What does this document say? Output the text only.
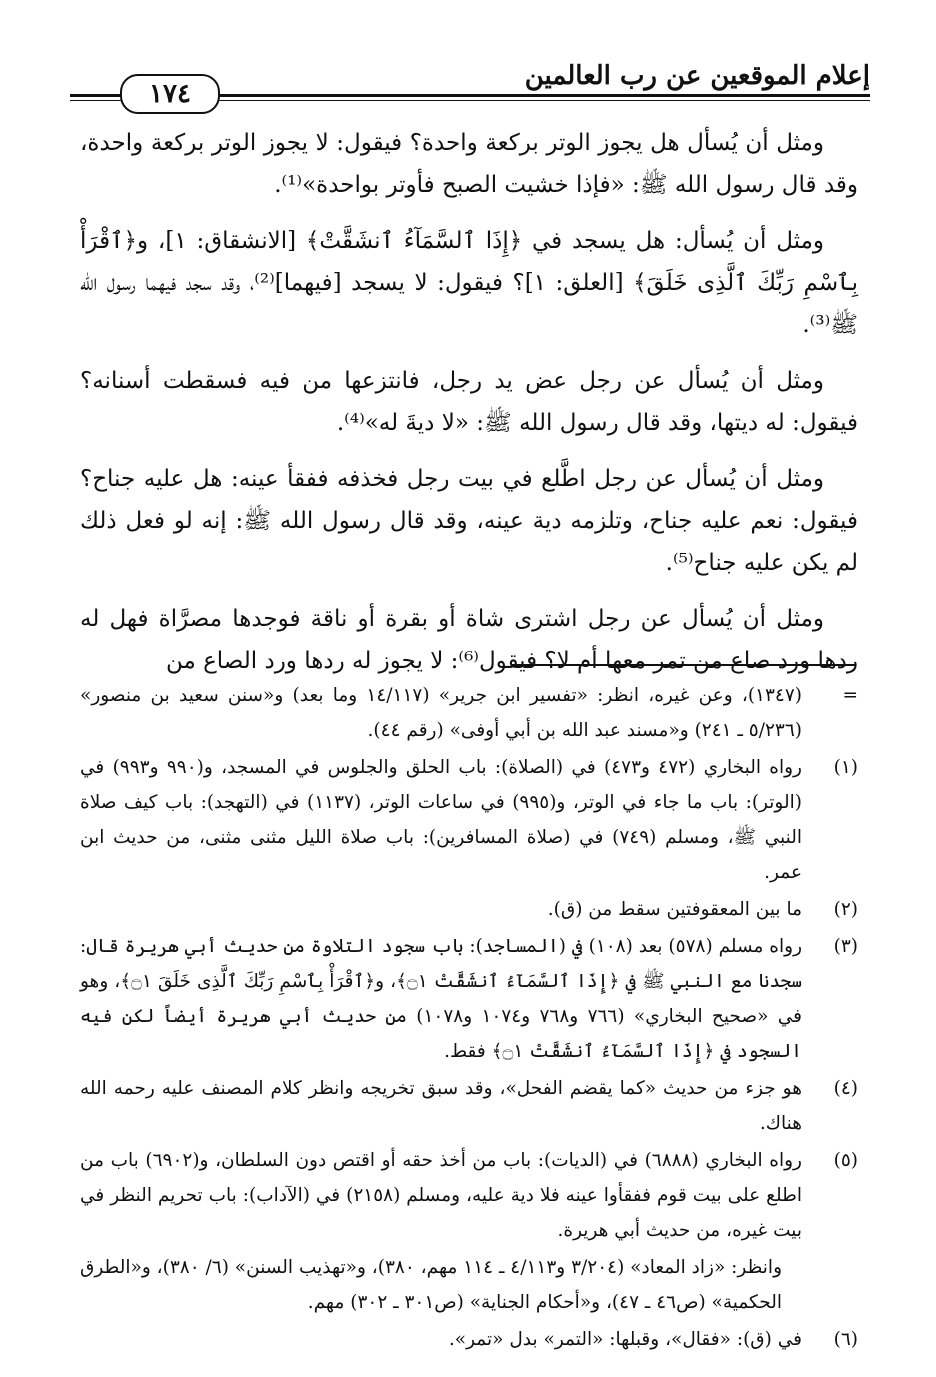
إعلام الموقعين عن رب العالمين
١٧٤

ومثل أن يُسأل هل يجوز الوتر بركعة واحدة؟ فيقول: لا يجوز الوتر بركعة واحدة، وقد قال رسول الله ﷺ: «فإذا خشيت الصبح فأوتر بواحدة»⁽¹⁾.

ومثل أن يُسأل: هل يسجد في ﴿إِذَا ٱلسَّمَآءُ ٱنشَقَّتْ﴾ [الانشقاق: ١]، و﴿ٱقْرَأْ بِٱسْمِ رَبِّكَ ٱلَّذِى خَلَقَ﴾ [العلق: ١]؟ فيقول: لا يسجد [فيهما]⁽²⁾، وقد سجد فيهما رسول الله ﷺ⁽³⁾.

ومثل أن يُسأل عن رجل عض يد رجل، فانتزعها من فيه فسقطت أسنانه؟ فيقول: له ديتها، وقد قال رسول الله ﷺ: «لا ديةَ له»⁽⁴⁾.

ومثل أن يُسأل عن رجل اطَّلع في بيت رجل فخذفه ففقأ عينه: هل عليه جناح؟ فيقول: نعم عليه جناح، وتلزمه دية عينه، وقد قال رسول الله ﷺ: إنه لو فعل ذلك لم يكن عليه جناح⁽⁵⁾.

ومثل أن يُسأل عن رجل اشترى شاة أو بقرة أو ناقة فوجدها مصرَّاة فهل له ردها ورد صاع من تمر معها أم لا؟ فيقول⁽⁶⁾: لا يجوز له ردها ورد الصاع من

=
(١٣٤٧)، وعن غيره، انظر: «تفسير ابن جرير» (١٤/١١٧ وما بعد) و«سنن سعيد بن منصور» (٥/٢٣٦ ـ ٢٤١) و«مسند عبد الله بن أبي أوفى» (رقم ٤٤).
(١)
رواه البخاري (٤٧٢ و٤٧٣) في (الصلاة): باب الحلق والجلوس في المسجد، و(٩٩٠ و٩٩٣) في (الوتر): باب ما جاء في الوتر، و(٩٩٥) في ساعات الوتر، (١١٣٧) في (التهجد): باب كيف صلاة النبي ﷺ، ومسلم (٧٤٩) في (صلاة المسافرين): باب صلاة الليل مثنى مثنى، من حديث ابن عمر.
(٢)
ما بين المعقوفتين سقط من (ق).
(٣)
رواه مسلم (٥٧٨) بعد (١٠٨) في (المساجد): باب سجود التلاوة من حديث أبي هريرة قال: سجدنا مع النبي ﷺ في ﴿إِذَا ٱلسَّمَآءُ ٱنشَقَّتْ ۝١﴾، و﴿ٱقْرَأْ بِٱسْمِ رَبِّكَ ٱلَّذِى خَلَقَ ۝١﴾، وهو في «صحيح البخاري» (٧٦٦ و٧٦٨ و١٠٧٤ و١٠٧٨) من حديث أبي هريرة أيضاً لكن فيه السجود في ﴿إِذَا ٱلسَّمَآءُ ٱنشَقَّتْ ۝١﴾ فقط.
(٤)
هو جزء من حديث «كما يقضم الفحل»، وقد سبق تخريجه وانظر كلام المصنف عليه رحمه الله هناك.
(٥)
رواه البخاري (٦٨٨٨) في (الديات): باب من أخذ حقه أو اقتص دون السلطان، و(٦٩٠٢) باب من اطلع على بيت قوم ففقأوا عينه فلا دية عليه، ومسلم (٢١٥٨) في (الآداب): باب تحريم النظر في بيت غيره، من حديث أبي هريرة.
وانظر: «زاد المعاد» (٣/٢٠٤ و٤/١١٣ ـ ١١٤ مهم، ٣٨٠)، و«تهذيب السنن» (٦/ ٣٨٠)، و«الطرق الحكمية» (ص٤٦ ـ ٤٧)، و«أحكام الجناية» (ص٣٠١ ـ ٣٠٢) مهم.
(٦)
في (ق): «فقال»، وقبلها: «التمر» بدل «تمر».
